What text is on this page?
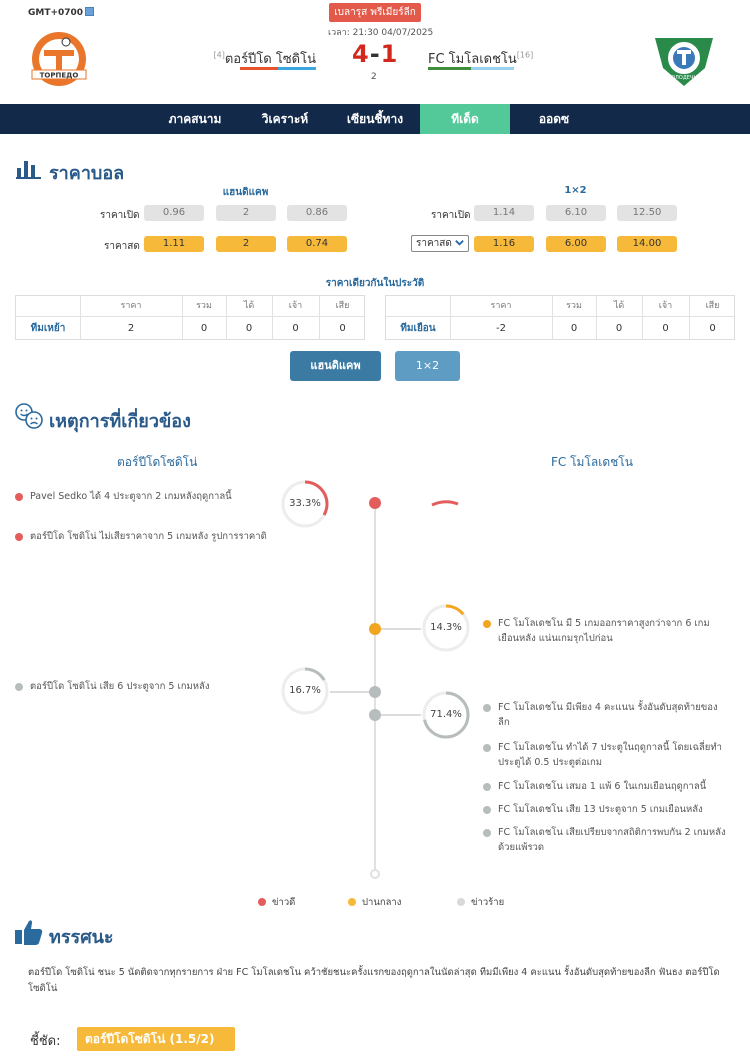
GMT+0700	เบลารุส พรีเมียร์ลีก
เวลา: 21:30 04/07/2025
ТОРПЕДО
[4]ตอร์ปีโด โซดิโน่ 4-1
2
FC โมโลเดชโน[16]
МОЛОДЕЧНО
ภาคสนาม	วิเคราะห์	เซียนชี้ทาง	ทีเด็ด	ออดซ
ราคาบอล
แฮนดิแคพ	1×2
ราคาเปิด	0.96	2	0.86
ราคาสด	1.11	2	0.74
ราคาเปิด	1.14	6.10	12.50
ราคาสด	1.16	6.00	14.00
ราคาเดียวกันในประวัติ
ราคา	รวม	ได้	เจ้า	เสีย
ทีมเหย้า	2	0	0	0	0
ราคา	รวม	ได้	เจ้า	เสีย
ทีมเยือน	-2	0	0	0	0
แฮนดิแคพ	1×2
เหตุการที่เกี่ยวข้อง
ตอร์ปีโดโซดิโน่	FC โมโลเดชโน
33.3%
Pavel Sedko ได้ 4 ประตูจาก 2 เกมหลังฤดูกาลนี้
ตอร์ปีโด โซดิโน่ ไม่เสียราคาจาก 5 เกมหลัง รูปการราคาดิ
14.3%	FC โมโลเดชโน มี 5 เกมออกราคาสูงกว่าจาก 6 เกมเยือนหลัง แน่นเกมรุกไปก่อน
16.7%
ตอร์ปีโด โซดิโน่ เสีย 6 ประตูจาก 5 เกมหลัง
71.4%
FC โมโลเดชโน มีเพียง 4 คะแนน รั้งอันดับสุดท้ายของลีก
FC โมโลเดชโน ทำได้ 7 ประตูในฤดูกาลนี้ โดยเฉลี่ยทำประตูได้ 0.5 ประตูต่อเกม
FC โมโลเดชโน เสมอ 1 แพ้ 6 ในเกมเยือนฤดูกาลนี้
FC โมโลเดชโน เสีย 13 ประตูจาก 5 เกมเยือนหลัง
FC โมโลเดชโน เสียเปรียบจากสถิติการพบกัน 2 เกมหลังด้วยแพ้รวด
ข่าวดี	ปานกลาง	ข่าวร้าย
ทรรศนะ
ตอร์ปีโด โซดิโน่ ชนะ 5 นัดติดจากทุกรายการ ฝ่าย FC โมโลเดชโน คว้าชัยชนะครั้งแรกของฤดูกาลในนัดล่าสุด ทีมมีเพียง 4 คะแนน รั้งอันดับสุดท้ายของลีก ฟันธง ตอร์ปีโด โซดิโน่
ชี้ชัด:	ตอร์ปีโดโซดิโน่ (1.5/2)
